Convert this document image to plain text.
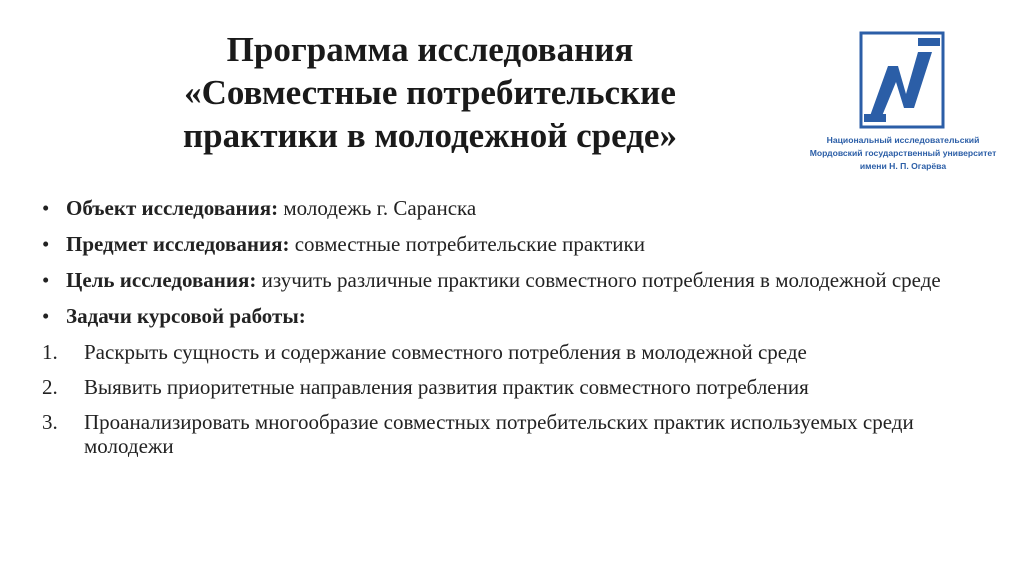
Программа исследования
«Совместные потребительские
практики в молодежной среде»	Национальный исследовательский
Мордовский государственный университет
имени Н. П. Огарёва
• Объект исследования: молодежь г. Саранска
• Предмет исследования: совместные потребительские практики
• Цель исследования: изучить различные практики совместного потребления в молодежной среде
• Задачи курсовой работы:
1. Раскрыть сущность и содержание совместного потребления в молодежной среде
2. Выявить приоритетные направления развития практик совместного потребления
3. Проанализировать многообразие совместных потребительских практик используемых среди молодежи
